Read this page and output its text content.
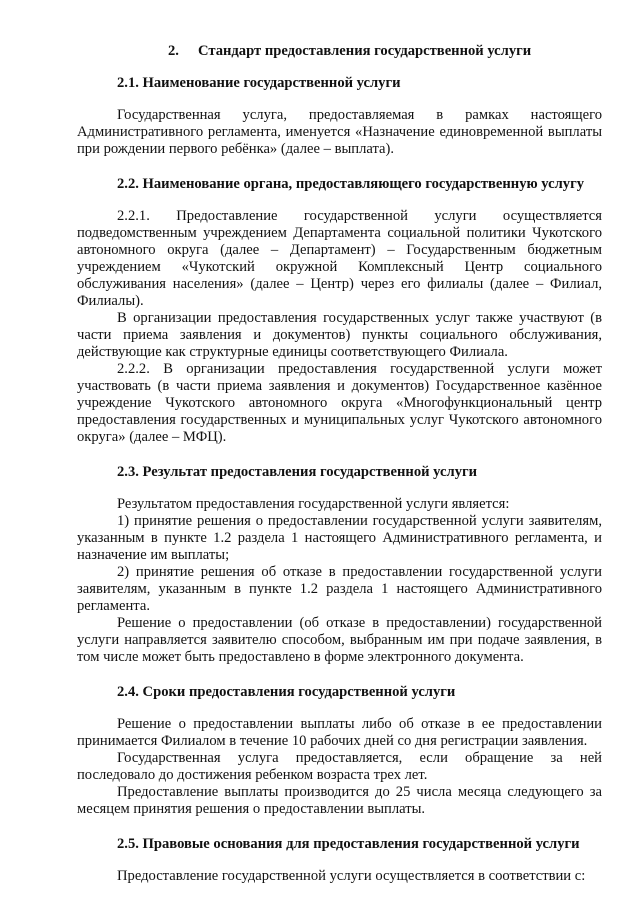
2. Стандарт предоставления государственной услуги
2.1. Наименование государственной услуги

Государственная услуга, предоставляемая в рамках настоящего Административного регламента, именуется «Назначение единовременной выплаты при рождении первого ребёнка» (далее – выплата).

2.2. Наименование органа, предоставляющего государственную услугу

2.2.1. Предоставление государственной услуги осуществляется подведомственным учреждением Департамента социальной политики Чукотского автономного округа (далее – Департамент) – Государственным бюджетным учреждением «Чукотский окружной Комплексный Центр социального обслуживания населения» (далее – Центр) через его филиалы (далее – Филиал, Филиалы).

В организации предоставления государственных услуг также участвуют (в части приема заявления и документов) пункты социального обслуживания, действующие как структурные единицы соответствующего Филиала.

2.2.2. В организации предоставления государственной услуги может участвовать (в части приема заявления и документов) Государственное казённое учреждение Чукотского автономного округа «Многофункциональный центр предоставления государственных и муниципальных услуг Чукотского автономного округа» (далее – МФЦ).

2.3. Результат предоставления государственной услуги

Результатом предоставления государственной услуги является:

1) принятие решения о предоставлении государственной услуги заявителям, указанным в пункте 1.2 раздела 1 настоящего Административного регламента, и назначение им выплаты;

2) принятие решения об отказе в предоставлении государственной услуги заявителям, указанным в пункте 1.2 раздела 1 настоящего Административного регламента.

Решение о предоставлении (об отказе в предоставлении) государственной услуги направляется заявителю способом, выбранным им при подаче заявления, в том числе может быть предоставлено в форме электронного документа.

2.4. Сроки предоставления государственной услуги

Решение о предоставлении выплаты либо об отказе в ее предоставлении принимается Филиалом в течение 10 рабочих дней со дня регистрации заявления.

Государственная услуга предоставляется, если обращение за ней последовало до достижения ребенком возраста трех лет.

Предоставление выплаты производится до 25 числа месяца следующего за месяцем принятия решения о предоставлении выплаты.

2.5. Правовые основания для предоставления государственной услуги

Предоставление государственной услуги осуществляется в соответствии с:
